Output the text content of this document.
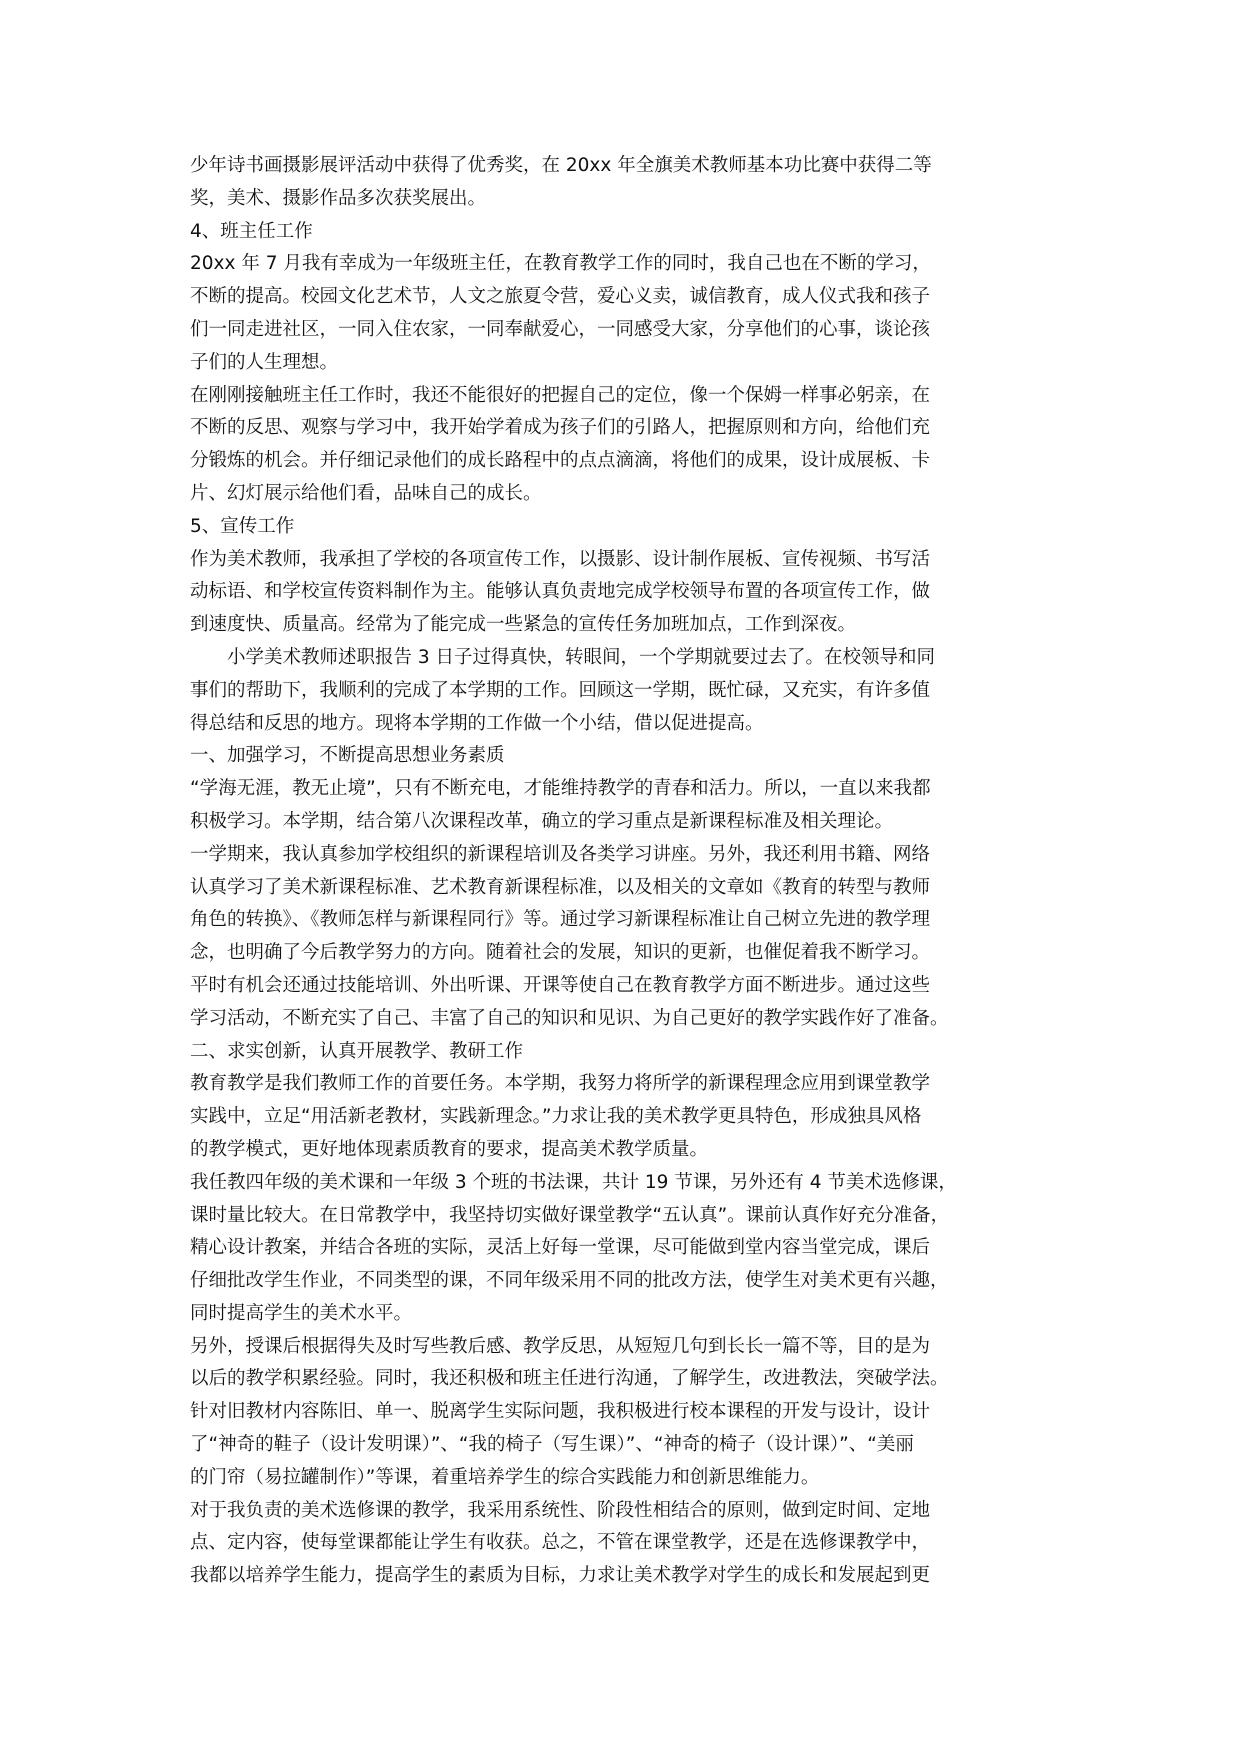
少年诗书画摄影展评活动中获得了优秀奖，在 20xx 年全旗美术教师基本功比赛中获得二等
奖，美术、摄影作品多次获奖展出。
4、班主任工作
20xx 年 7 月我有幸成为一年级班主任，在教育教学工作的同时，我自己也在不断的学习，
不断的提高。校园文化艺术节，人文之旅夏令营，爱心义卖，诚信教育，成人仪式我和孩子
们一同走进社区，一同入住农家，一同奉献爱心，一同感受大家，分享他们的心事，谈论孩
子们的人生理想。
在刚刚接触班主任工作时，我还不能很好的把握自己的定位，像一个保姆一样事必躬亲，在
不断的反思、观察与学习中，我开始学着成为孩子们的引路人，把握原则和方向，给他们充
分锻炼的机会。并仔细记录他们的成长路程中的点点滴滴，将他们的成果，设计成展板、卡
片、幻灯展示给他们看，品味自己的成长。
5、宣传工作
作为美术教师，我承担了学校的各项宣传工作，以摄影、设计制作展板、宣传视频、书写活
动标语、和学校宣传资料制作为主。能够认真负责地完成学校领导布置的各项宣传工作，做
到速度快、质量高。经常为了能完成一些紧急的宣传任务加班加点，工作到深夜。
小学美术教师述职报告 3 日子过得真快，转眼间，一个学期就要过去了。在校领导和同
事们的帮助下，我顺利的完成了本学期的工作。回顾这一学期，既忙碌，又充实，有许多值
得总结和反思的地方。现将本学期的工作做一个小结，借以促进提高。
一、加强学习，不断提高思想业务素质
“学海无涯，教无止境”，只有不断充电，才能维持教学的青春和活力。所以，一直以来我都
积极学习。本学期，结合第八次课程改革，确立的学习重点是新课程标准及相关理论。
一学期来，我认真参加学校组织的新课程培训及各类学习讲座。另外，我还利用书籍、网络
认真学习了美术新课程标准、艺术教育新课程标准，以及相关的文章如《教育的转型与教师
角色的转换》、《教师怎样与新课程同行》等。通过学习新课程标准让自己树立先进的教学理
念，也明确了今后教学努力的方向。随着社会的发展，知识的更新，也催促着我不断学习。
平时有机会还通过技能培训、外出听课、开课等使自己在教育教学方面不断进步。通过这些
学习活动，不断充实了自己、丰富了自己的知识和见识、为自己更好的教学实践作好了准备。
二、求实创新，认真开展教学、教研工作
教育教学是我们教师工作的首要任务。本学期，我努力将所学的新课程理念应用到课堂教学
实践中，立足“用活新老教材，实践新理念。”力求让我的美术教学更具特色，形成独具风格
的教学模式，更好地体现素质教育的要求，提高美术教学质量。
我任教四年级的美术课和一年级 3 个班的书法课，共计 19 节课，另外还有 4 节美术选修课，
课时量比较大。在日常教学中，我坚持切实做好课堂教学“五认真”。课前认真作好充分准备，
精心设计教案，并结合各班的实际，灵活上好每一堂课，尽可能做到堂内容当堂完成，课后
仔细批改学生作业，不同类型的课，不同年级采用不同的批改方法，使学生对美术更有兴趣，
同时提高学生的美术水平。
另外，授课后根据得失及时写些教后感、教学反思，从短短几句到长长一篇不等，目的是为
以后的教学积累经验。同时，我还积极和班主任进行沟通，了解学生，改进教法，突破学法。
针对旧教材内容陈旧、单一、脱离学生实际问题，我积极进行校本课程的开发与设计，设计
了“神奇的鞋子（设计发明课）”、“我的椅子（写生课）”、“神奇的椅子（设计课）”、“美丽
的门帘（易拉罐制作）”等课，着重培养学生的综合实践能力和创新思维能力。
对于我负责的美术选修课的教学，我采用系统性、阶段性相结合的原则，做到定时间、定地
点、定内容，使每堂课都能让学生有收获。总之，不管在课堂教学，还是在选修课教学中，
我都以培养学生能力，提高学生的素质为目标，力求让美术教学对学生的成长和发展起到更
